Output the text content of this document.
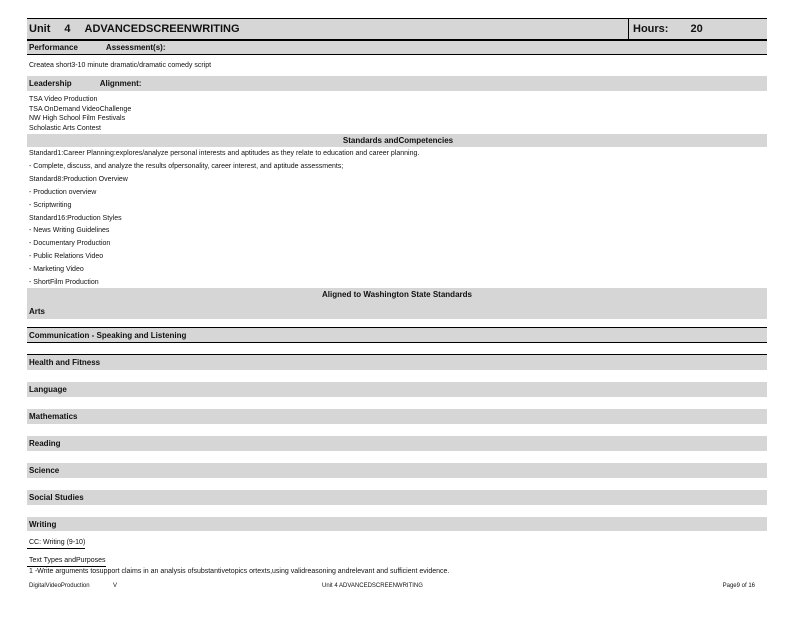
Unit 4 ADVANCEDSCREENWRITING	Hours: 20
Performance	Assessment(s):
Createa short3-10 minute dramatic/dramatic comedy script
Leadership	Alignment:
TSA Video Production
TSA OnDemand VideoChallenge
NW High School Film Festivals
Scholastic Arts Contest
Standards andCompetencies
Standard1:Career Planning:explores/analyze personal interests and aptitudes as they relate to education and career planning.
- Complete, discuss, and analyze the results ofpersonality, career interest, and aptitude assessments;
Standard8:Production Overview
- Production overview
- Scriptwriting
Standard16:Production Styles
- News Writing Guidelines
- Documentary Production
- Public Relations Video
- Marketing Video
- ShortFilm Production
Aligned to Washington State Standards
Arts
Communication - Speaking and Listening
Health and Fitness
Language
Mathematics
Reading
Science
Social Studies
Writing
CC: Writing (9-10)
Text Types andPurposes
1 -Write arguments tosupport claims in an analysis ofsubstantivetopics ortexts,using validreasoning andrelevant and sufficient evidence.
DigitalVideoProduction	V	Unit 4 ADVANCEDSCREENWRITING	Page9 of 16
